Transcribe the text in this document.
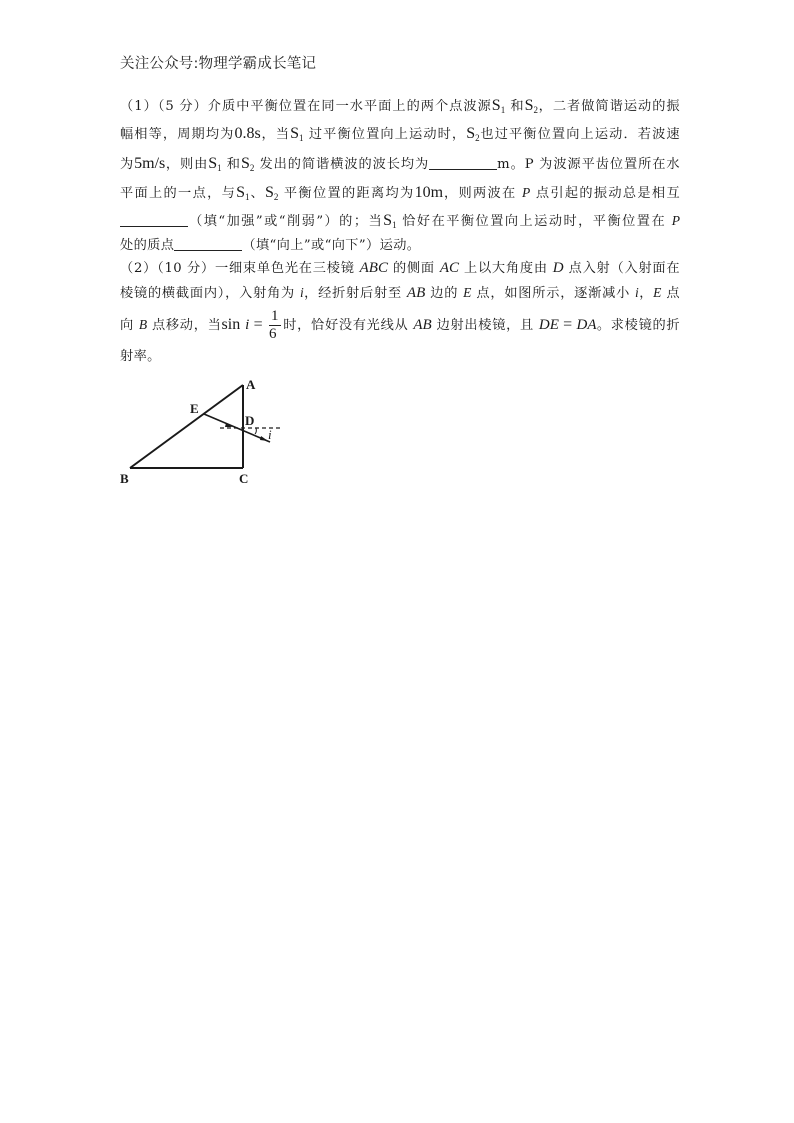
关注公众号:物理学霸成长笔记
（1）（5 分）介质中平衡位置在同一水平面上的两个点波源$S_1$ 和$S_2$，二者做简谐运动的振
幅相等，周期均为0.8s，当$S_1$ 过平衡位置向上运动时，$S_2$也过平衡位置向上运动．若波速
为5m/s，则由$S_1$ 和$S_2$ 发出的简谐横波的波长均为	m。P 为波源平齿位置所在水
平面上的一点，与$S_1$、$S_2$ 平衡位置的距离均为10m，则两波在 P 点引起的振动总是相互
（填“加强”或“削弱”）的；当$S_1$ 恰好在平衡位置向上运动时，平衡位置在 P
处的质点	（填“向上”或“向下”）运动。
（2）（10 分）一细束单色光在三棱镜 ABC 的侧面 AC 上以大角度由 D 点入射（入射面在
棱镜的横截面内），入射角为 i，经折射后射至 AB 边的 E 点，如图所示，逐渐减小 i，E 点
向 B 点移动，当$\sin i = \frac{1}{6}$ 时，恰好没有光线从 AB 边射出棱镜，且 DE = DA。求棱镜的折
射率。
A
B	C
D
E
i
